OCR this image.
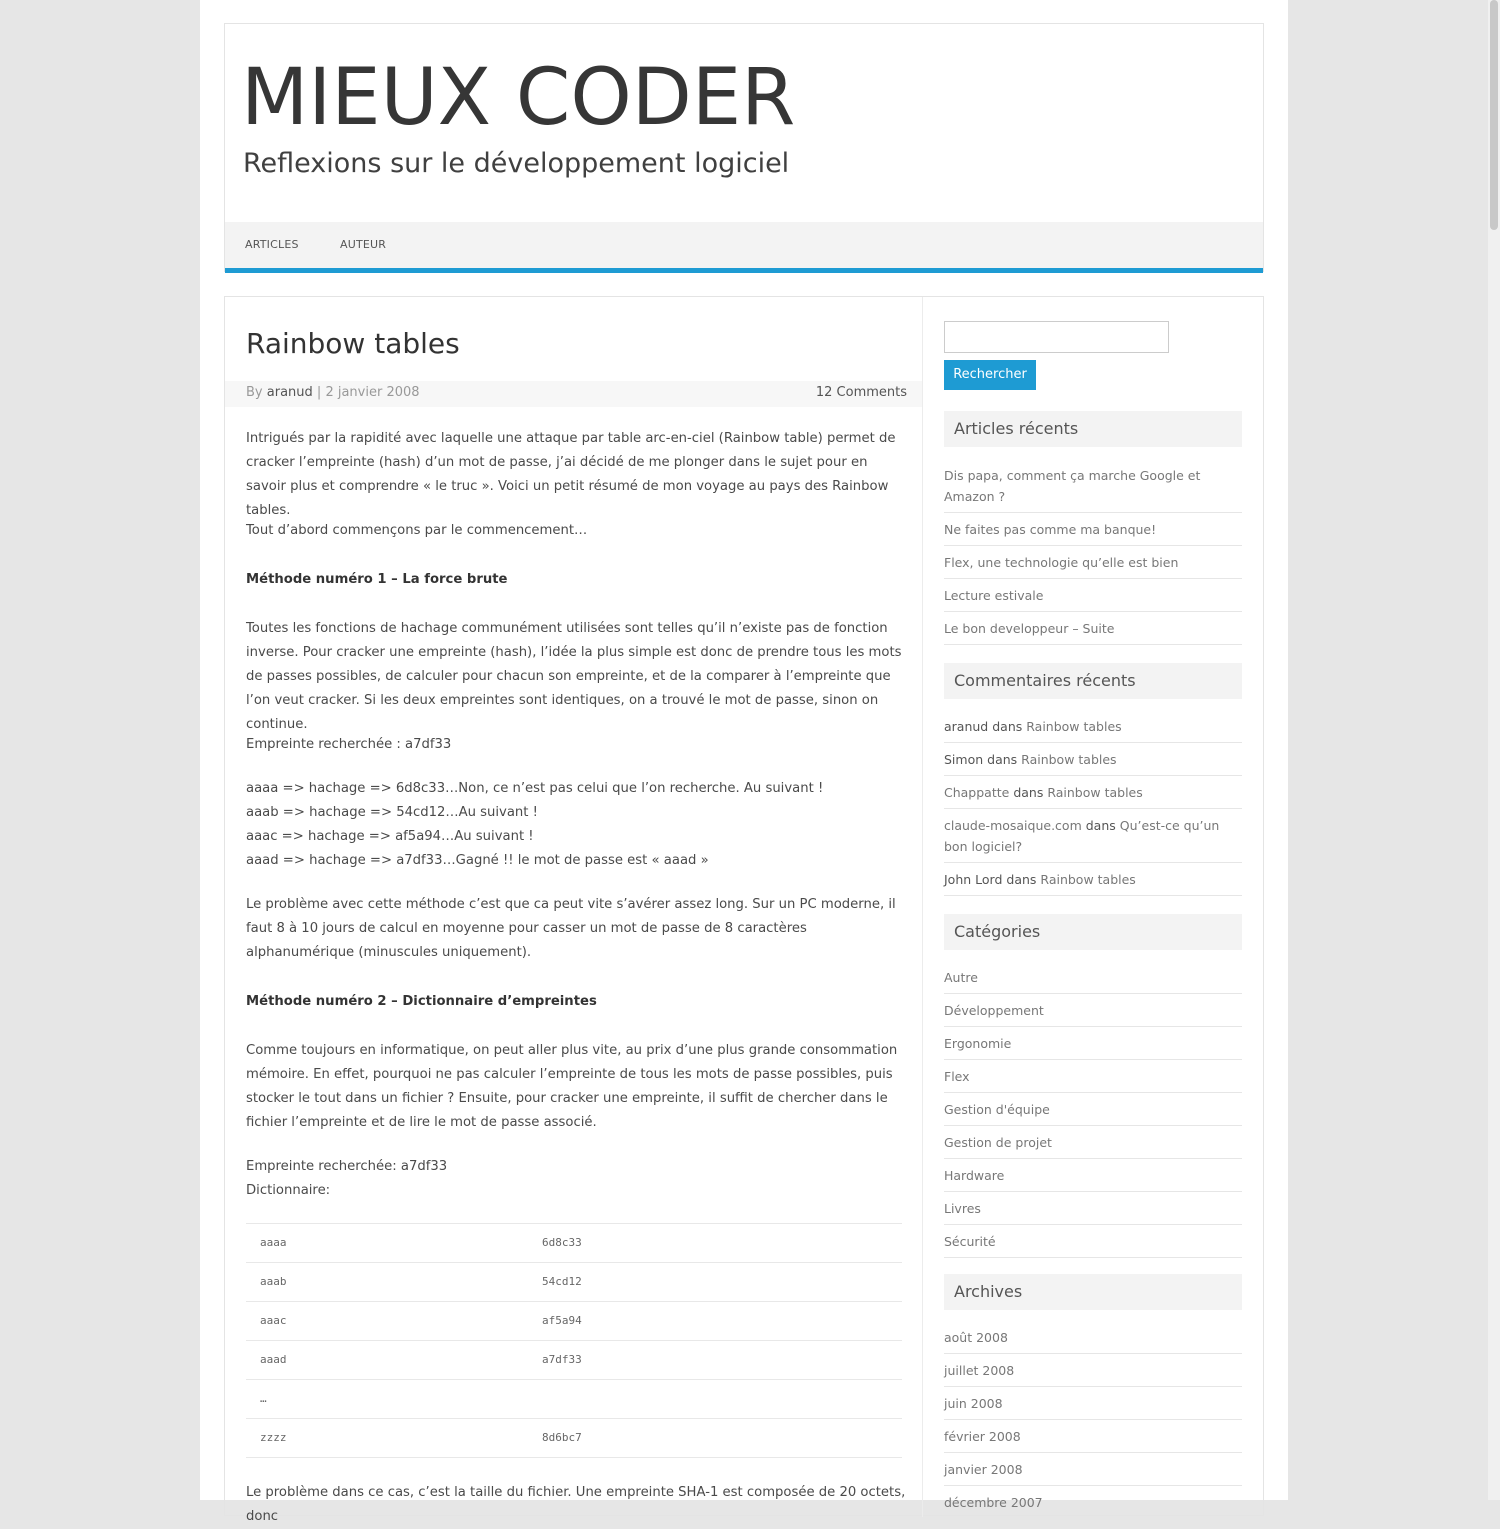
MIEUX CODER
Reflexions sur le développement logiciel
ARTICLES	AUTEUR
Rainbow tables
By aranud | 2 janvier 2008	12 Comments

Intrigués par la rapidité avec laquelle une attaque par table arc-en-ciel (Rainbow table) permet de cracker l’empreinte (hash) d’un mot de passe, j’ai décidé de me plonger dans le sujet pour en savoir plus et comprendre « le truc ». Voici un petit résumé de mon voyage au pays des Rainbow tables.

Tout d’abord commençons par le commencement…

Méthode numéro 1 – La force brute

Toutes les fonctions de hachage communément utilisées sont telles qu’il n’existe pas de fonction inverse. Pour cracker une empreinte (hash), l’idée la plus simple est donc de prendre tous les mots de passes possibles, de calculer pour chacun son empreinte, et de la comparer à l’empreinte que l’on veut cracker. Si les deux empreintes sont identiques, on a trouvé le mot de passe, sinon on continue.

Empreinte recherchée : a7df33

aaaa => hachage => 6d8c33…Non, ce n’est pas celui que l’on recherche. Au suivant !

aaab => hachage => 54cd12…Au suivant !

aaac => hachage => af5a94…Au suivant !

aaad => hachage => a7df33…Gagné !! le mot de passe est « aaad »

Le problème avec cette méthode c’est que ca peut vite s’avérer assez long. Sur un PC moderne, il faut 8 à 10 jours de calcul en moyenne pour casser un mot de passe de 8 caractères alphanumérique (minuscules uniquement).

Méthode numéro 2 – Dictionnaire d’empreintes

Comme toujours en informatique, on peut aller plus vite, au prix d’une plus grande consommation mémoire. En effet, pourquoi ne pas calculer l’empreinte de tous les mots de passe possibles, puis stocker le tout dans un fichier ? Ensuite, pour cracker une empreinte, il suffit de chercher dans le fichier l’empreinte et de lire le mot de passe associé.

Empreinte recherchée: a7df33

Dictionnaire:

aaaa	6d8c33
aaab	54cd12
aaac	af5a94
aaad	a7df33
…	
zzzz	8d6bc7

Le problème dans ce cas, c’est la taille du fichier. Une empreinte SHA-1 est composée de 20 octets, donc

Rechercher
Articles récents
Dis papa, comment ça marche Google et Amazon ?
Ne faites pas comme ma banque!
Flex, une technologie qu’elle est bien
Lecture estivale
Le bon developpeur – Suite
Commentaires récents
aranud dans Rainbow tables
Simon dans Rainbow tables
Chappatte dans Rainbow tables
claude-mosaique.com dans Qu’est-ce qu’un bon logiciel?
John Lord dans Rainbow tables
Catégories
Autre
Développement
Ergonomie
Flex
Gestion d'équipe
Gestion de projet
Hardware
Livres
Sécurité
Archives
août 2008
juillet 2008
juin 2008
février 2008
janvier 2008
décembre 2007
